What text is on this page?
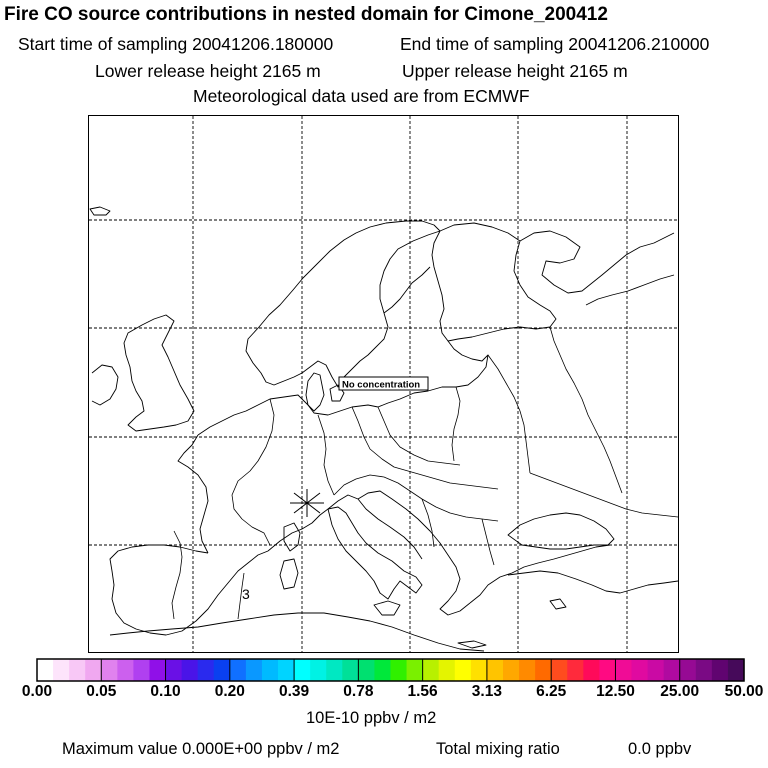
Fire CO source contributions in nested domain for Cimone_200412
Start time of sampling 20041206.180000	End time of sampling 20041206.210000
Lower release height 2165 m	Upper release height 2165 m
Meteorological data used are from ECMWF
No concentration
3
0.00 0.05 0.10 0.20 0.39 0.78 1.56 3.13 6.25 12.50 25.00 50.00
10E-10 ppbv / m2
Maximum value 0.000E+00 ppbv / m2	Total mixing ratio	0.0 ppbv
